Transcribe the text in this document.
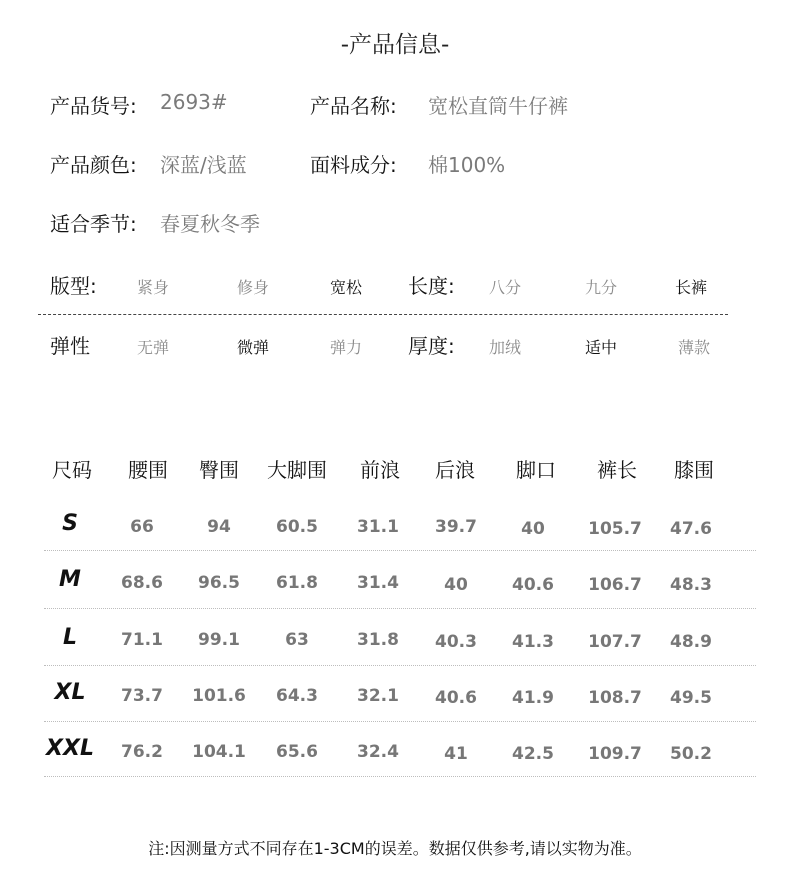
-产品信息-
产品货号: 2693#	产品名称: 宽松直筒牛仔裤
产品颜色: 深蓝/浅蓝	面料成分: 棉100%
适合季节: 春夏秋冬季
版型:	紧身	修身	宽松 长度: 八分	九分	长裤
弹性	无弹	微弹	弹力 厚度: 加绒	适中	薄款
尺码	腰围	臀围	大脚围	前浪	后浪	脚口	裤长	膝围
S	66	94	60.5	31.1	39.7	40	105.7	47.6
M	68.6	96.5	61.8	31.4	40	40.6	106.7	48.3
L	71.1	99.1	63	31.8	40.3	41.3	107.7	48.9
XL	73.7	101.6	64.3	32.1	40.6	41.9	108.7	49.5
XXL	76.2	104.1	65.6	32.4	41	42.5	109.7	50.2
注:因测量方式不同存在1-3CM的误差。数据仅供参考,请以实物为准。
